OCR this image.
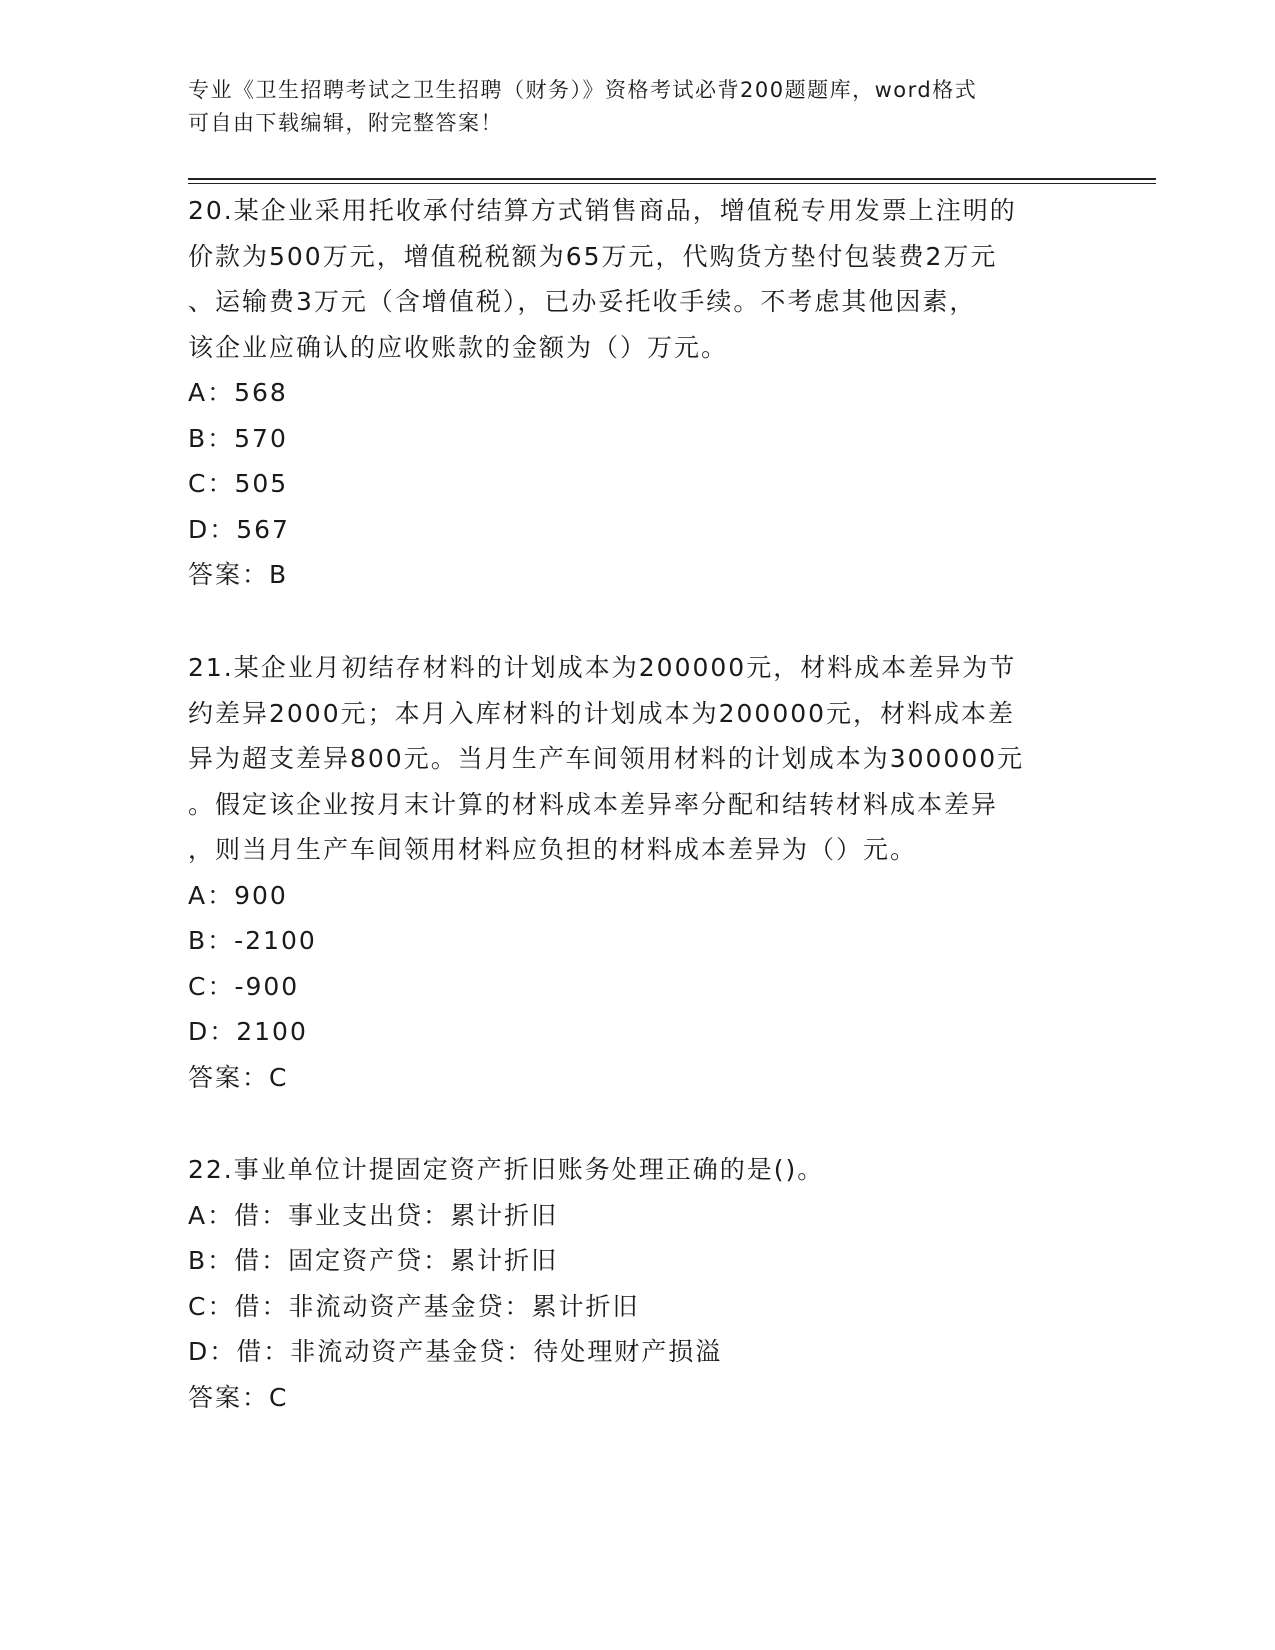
专业《卫生招聘考试之卫生招聘（财务）》资格考试必背200题题库，word格式
可自由下载编辑，附完整答案！

20.某企业采用托收承付结算方式销售商品，增值税专用发票上注明的

价款为500万元，增值税税额为65万元，代购货方垫付包装费2万元

、运输费3万元（含增值税），已办妥托收手续。不考虑其他因素，

该企业应确认的应收账款的金额为（）万元。

A：568

B：570

C：505

D：567

答案：B

21.某企业月初结存材料的计划成本为200000元，材料成本差异为节

约差异2000元；本月入库材料的计划成本为200000元，材料成本差

异为超支差异800元。当月生产车间领用材料的计划成本为300000元

。假定该企业按月末计算的材料成本差异率分配和结转材料成本差异

，则当月生产车间领用材料应负担的材料成本差异为（）元。

A：900

B：-2100

C：-900

D：2100

答案：C

22.事业单位计提固定资产折旧账务处理正确的是()。

A：借：事业支出贷：累计折旧

B：借：固定资产贷：累计折旧

C：借：非流动资产基金贷：累计折旧

D：借：非流动资产基金贷：待处理财产损溢

答案：C
